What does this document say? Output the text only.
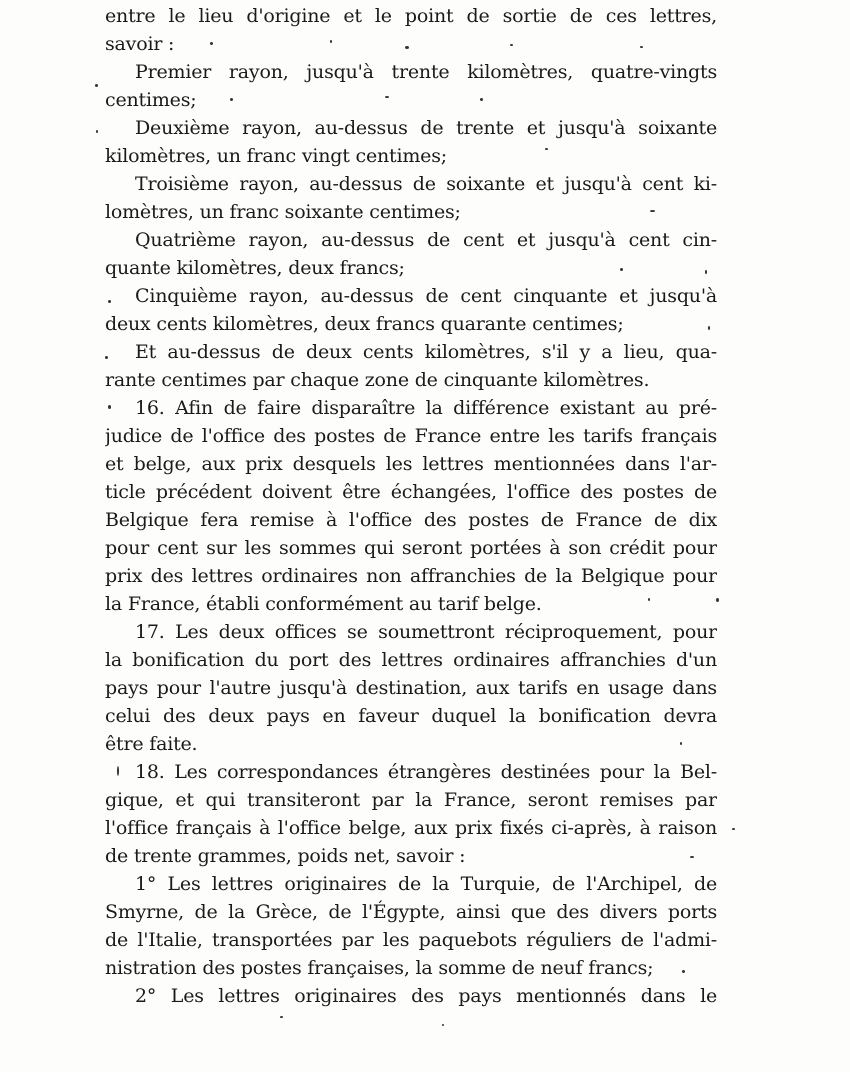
entre le lieu d'origine et le point de sortie de ces lettres,
savoir :
Premier rayon, jusqu'à trente kilomètres, quatre-vingts
centimes;
Deuxième rayon, au-dessus de trente et jusqu'à soixante
kilomètres, un franc vingt centimes;
Troisième rayon, au-dessus de soixante et jusqu'à cent ki-
lomètres, un franc soixante centimes;
Quatrième rayon, au-dessus de cent et jusqu'à cent cin-
quante kilomètres, deux francs;
Cinquième rayon, au-dessus de cent cinquante et jusqu'à
deux cents kilomètres, deux francs quarante centimes;
Et au-dessus de deux cents kilomètres, s'il y a lieu, qua-
rante centimes par chaque zone de cinquante kilomètres.
16. Afin de faire disparaître la différence existant au pré-
judice de l'office des postes de France entre les tarifs français
et belge, aux prix desquels les lettres mentionnées dans l'ar-
ticle précédent doivent être échangées, l'office des postes de
Belgique fera remise à l'office des postes de France de dix
pour cent sur les sommes qui seront portées à son crédit pour
prix des lettres ordinaires non affranchies de la Belgique pour
la France, établi conformément au tarif belge.
17. Les deux offices se soumettront réciproquement, pour
la bonification du port des lettres ordinaires affranchies d'un
pays pour l'autre jusqu'à destination, aux tarifs en usage dans
celui des deux pays en faveur duquel la bonification devra
être faite.
18. Les correspondances étrangères destinées pour la Bel-
gique, et qui transiteront par la France, seront remises par
l'office français à l'office belge, aux prix fixés ci-après, à raison
de trente grammes, poids net, savoir :
1° Les lettres originaires de la Turquie, de l'Archipel, de
Smyrne, de la Grèce, de l'Égypte, ainsi que des divers ports
de l'Italie, transportées par les paquebots réguliers de l'admi-
nistration des postes françaises, la somme de neuf francs;
2° Les lettres originaires des pays mentionnés dans le
